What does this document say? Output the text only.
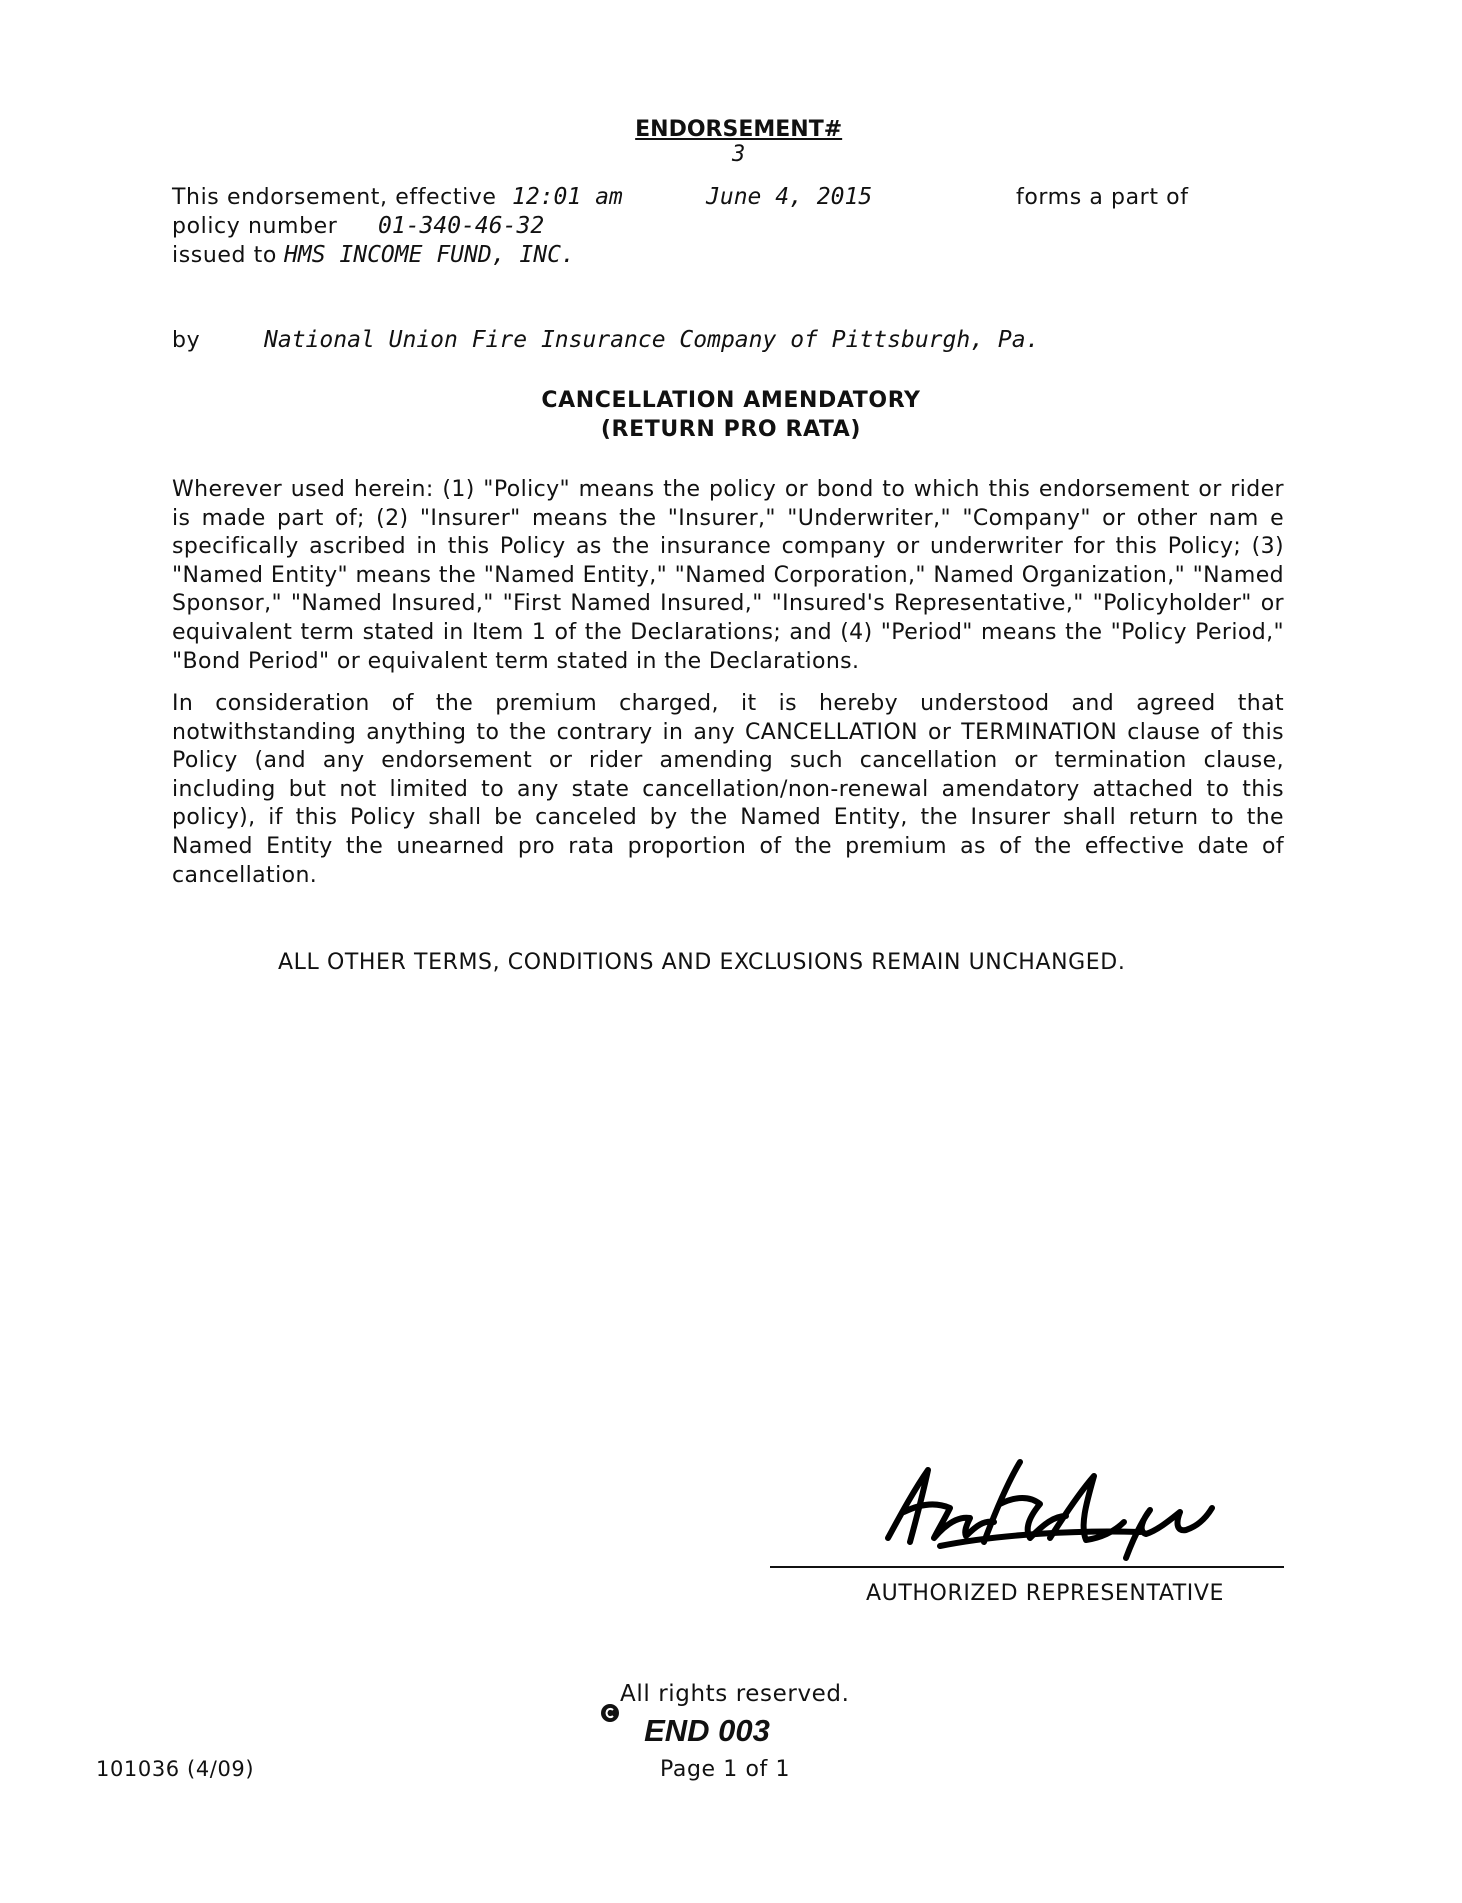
ENDORSEMENT#
3

This endorsement, effective 12:01 am	June 4, 2015	forms a part of
policy number 01-340-46-32
issued to HMS INCOME FUND, INC.
by	National Union Fire Insurance Company of Pittsburgh, Pa.
CANCELLATION AMENDATORY
(RETURN PRO RATA)
Wherever used herein: (1) "Policy" means the policy or bond to which this endorsement or rider is made part of; (2) "Insurer" means the "Insurer," "Underwriter," "Company" or other nam e specifically ascribed in this Policy as the insurance company or underwriter for this Policy; (3) "Named Entity" means the "Named Entity," "Named Corporation," Named Organization," "Named Sponsor," "Named Insured," "First Named Insured," "Insured's Representative," "Policyholder" or equivalent term stated in Item 1 of the Declarations; and (4) "Period" means the "Policy Period," "Bond Period" or equivalent term stated in the Declarations.
In consideration of the premium charged, it is hereby understood and agreed that notwithstanding anything to the contrary in any CANCELLATION or TERMINATION clause of this Policy (and any endorsement or rider amending such cancellation or termination clause, including but not limited to any state cancellation/non-renewal amendatory attached to this policy), if this Policy shall be canceled by the Named Entity, the Insurer shall return to the Named Entity the unearned pro rata proportion of the premium as of the effective date of cancellation.
ALL OTHER TERMS, CONDITIONS AND EXCLUSIONS REMAIN UNCHANGED.
AUTHORIZED REPRESENTATIVE

All rights reserved.
END 003
Page 1 of 1
101036 (4/09)
